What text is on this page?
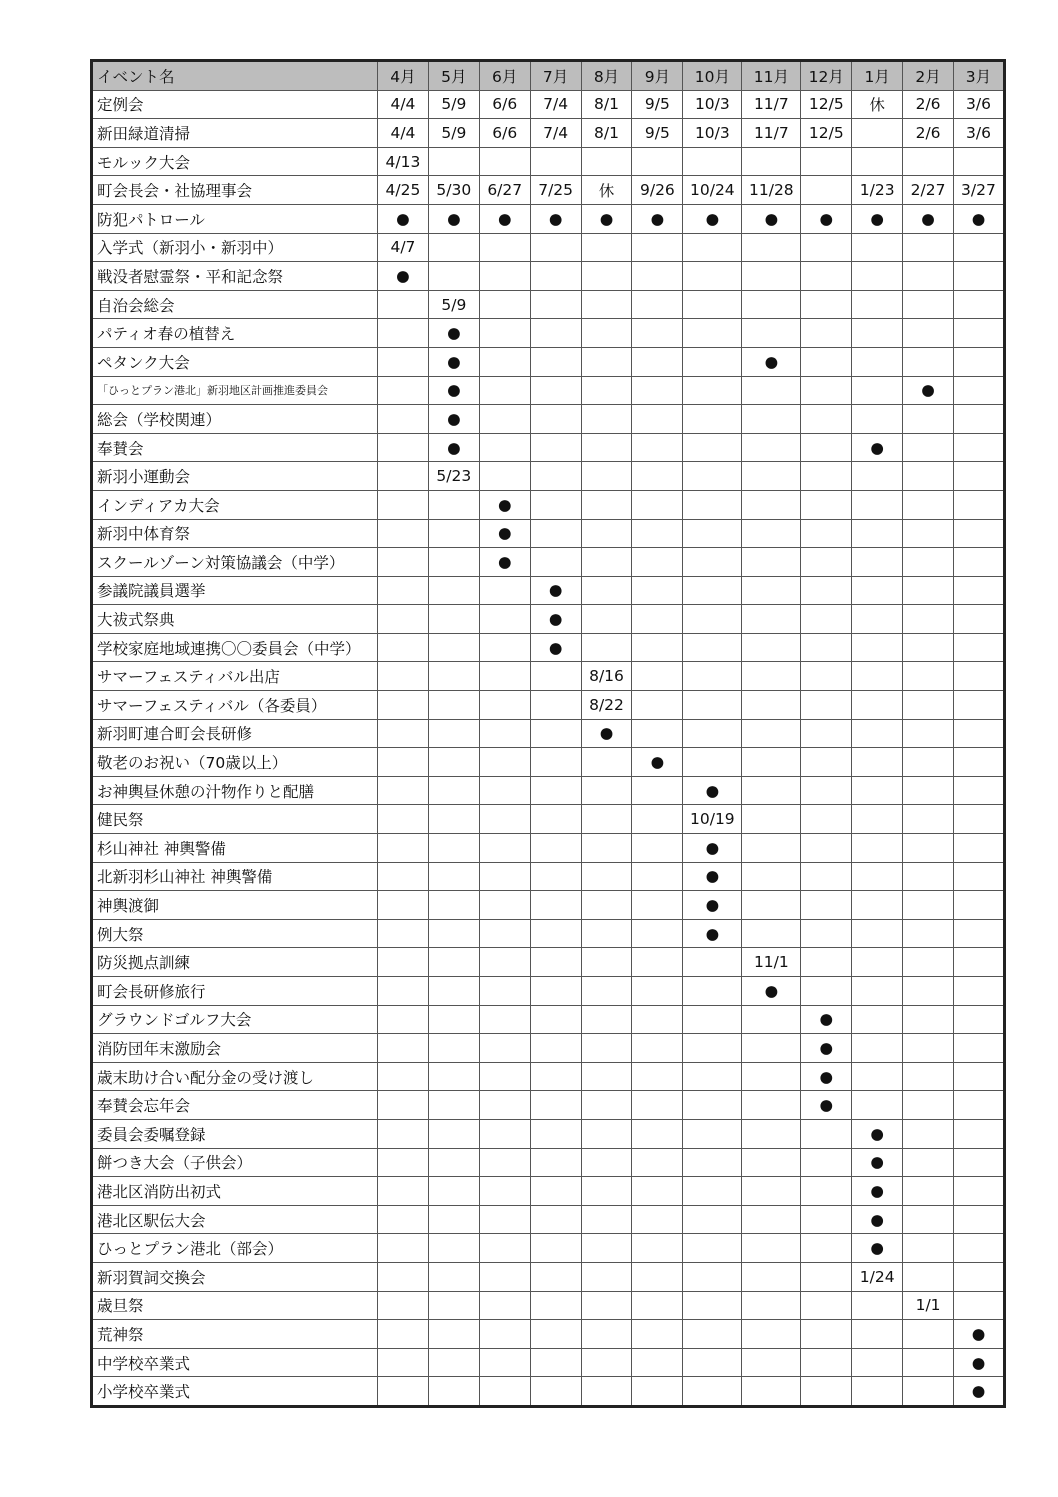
イベント名	4月	5月	6月	7月	8月	9月	10月	11月	12月	1月	2月	3月
定例会	4/4	5/9	6/6	7/4	8/1	9/5	10/3	11/7	12/5	休	2/6	3/6
新田緑道清掃	4/4	5/9	6/6	7/4	8/1	9/5	10/3	11/7	12/5		2/6	3/6
モルック大会	4/13											
町会長会・社協理事会	4/25	5/30	6/27	7/25	休	9/26	10/24	11/28		1/23	2/27	3/27
防犯パトロール	●	●	●	●	●	●	●	●	●	●	●	●
入学式（新羽小・新羽中）	4/7											
戦没者慰霊祭・平和記念祭	●											
自治会総会		5/9										
パティオ春の植替え		●										
ペタンク大会		●						●				
「ひっとプラン港北」新羽地区計画推進委員会		●									●	
総会（学校関連）		●										
奉賛会		●								●		
新羽小運動会		5/23										
インディアカ大会			●									
新羽中体育祭			●									
スクールゾーン対策協議会（中学）			●									
参議院議員選挙				●								
大祓式祭典				●								
学校家庭地域連携〇〇委員会（中学）				●								
サマーフェスティバル出店					8/16							
サマーフェスティバル（各委員）					8/22							
新羽町連合町会長研修					●							
敬老のお祝い（70歳以上）						●						
お神輿昼休憩の汁物作りと配膳							●					
健民祭							10/19					
杉山神社 神輿警備							●					
北新羽杉山神社 神輿警備							●					
神輿渡御							●					
例大祭							●					
防災拠点訓練								11/1				
町会長研修旅行								●				
グラウンドゴルフ大会									●			
消防団年末激励会									●			
歳末助け合い配分金の受け渡し									●			
奉賛会忘年会									●			
委員会委嘱登録										●		
餅つき大会（子供会）										●		
港北区消防出初式										●		
港北区駅伝大会										●		
ひっとプラン港北（部会）										●		
新羽賀詞交換会										1/24		
歳旦祭											1/1	
荒神祭												●
中学校卒業式												●
小学校卒業式												●
